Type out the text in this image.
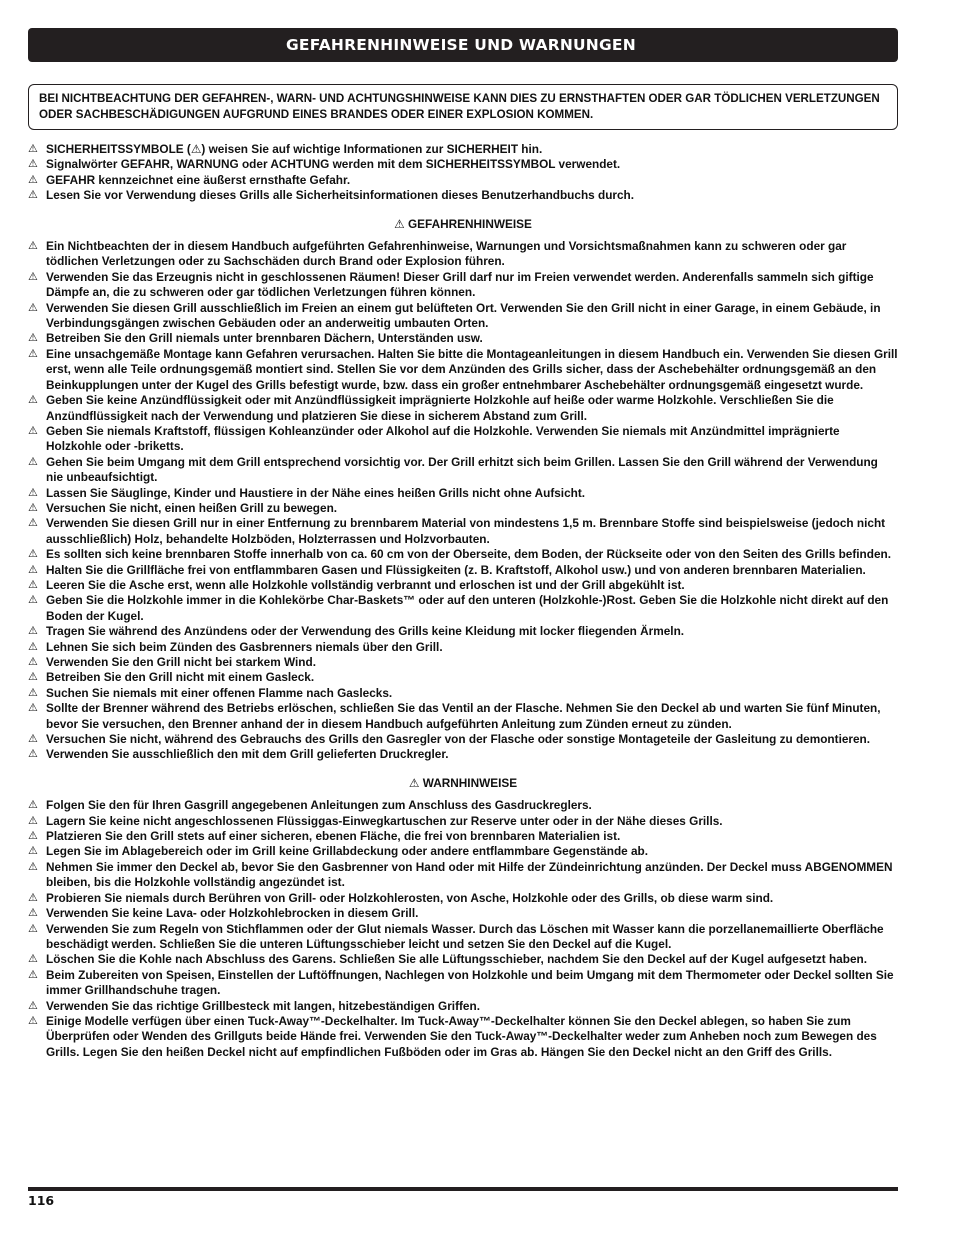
GEFAHRENHINWEISE UND WARNUNGEN
BEI NICHTBEACHTUNG DER GEFAHREN-, WARN- UND ACHTUNGSHINWEISE KANN DIES ZU ERNSTHAFTEN ODER GAR TÖDLICHEN VERLETZUNGEN ODER SACHBESCHÄDIGUNGEN AUFGRUND EINES BRANDES ODER EINER EXPLOSION KOMMEN.
⚠ SICHERHEITSSYMBOLE (⚠) weisen Sie auf wichtige Informationen zur SICHERHEIT hin.
⚠ Signalwörter GEFAHR, WARNUNG oder ACHTUNG werden mit dem SICHERHEITSSYMBOL verwendet.
⚠ GEFAHR kennzeichnet eine äußerst ernsthafte Gefahr.
⚠ Lesen Sie vor Verwendung dieses Grills alle Sicherheitsinformationen dieses Benutzerhandbuchs durch.
⚠ GEFAHRENHINWEISE
⚠ Ein Nichtbeachten der in diesem Handbuch aufgeführten Gefahrenhinweise, Warnungen und Vorsichtsmaßnahmen kann zu schweren oder gar tödlichen Verletzungen oder zu Sachschäden durch Brand oder Explosion führen.
⚠ Verwenden Sie das Erzeugnis nicht in geschlossenen Räumen! Dieser Grill darf nur im Freien verwendet werden. Anderenfalls sammeln sich giftige Dämpfe an, die zu schweren oder gar tödlichen Verletzungen führen können.
⚠ Verwenden Sie diesen Grill ausschließlich im Freien an einem gut belüfteten Ort. Verwenden Sie den Grill nicht in einer Garage, in einem Gebäude, in Verbindungsgängen zwischen Gebäuden oder an anderweitig umbauten Orten.
⚠ Betreiben Sie den Grill niemals unter brennbaren Dächern, Unterständen usw.
⚠ Eine unsachgemäße Montage kann Gefahren verursachen. Halten Sie bitte die Montageanleitungen in diesem Handbuch ein. Verwenden Sie diesen Grill erst, wenn alle Teile ordnungsgemäß montiert sind. Stellen Sie vor dem Anzünden des Grills sicher, dass der Aschebehälter ordnungsgemäß an den Beinkupplungen unter der Kugel des Grills befestigt wurde, bzw. dass ein großer entnehmbarer Aschebehälter ordnungsgemäß eingesetzt wurde.
⚠ Geben Sie keine Anzündflüssigkeit oder mit Anzündflüssigkeit imprägnierte Holzkohle auf heiße oder warme Holzkohle. Verschließen Sie die Anzündflüssigkeit nach der Verwendung und platzieren Sie diese in sicherem Abstand zum Grill.
⚠ Geben Sie niemals Kraftstoff, flüssigen Kohleanzünder oder Alkohol auf die Holzkohle. Verwenden Sie niemals mit Anzündmittel imprägnierte Holzkohle oder -briketts.
⚠ Gehen Sie beim Umgang mit dem Grill entsprechend vorsichtig vor. Der Grill erhitzt sich beim Grillen. Lassen Sie den Grill während der Verwendung nie unbeaufsichtigt.
⚠ Lassen Sie Säuglinge, Kinder und Haustiere in der Nähe eines heißen Grills nicht ohne Aufsicht.
⚠ Versuchen Sie nicht, einen heißen Grill zu bewegen.
⚠ Verwenden Sie diesen Grill nur in einer Entfernung zu brennbarem Material von mindestens 1,5 m. Brennbare Stoffe sind beispielsweise (jedoch nicht ausschließlich) Holz, behandelte Holzböden, Holzterrassen und Holzvorbauten.
⚠ Es sollten sich keine brennbaren Stoffe innerhalb von ca. 60 cm von der Oberseite, dem Boden, der Rückseite oder von den Seiten des Grills befinden.
⚠ Halten Sie die Grillfläche frei von entflammbaren Gasen und Flüssigkeiten (z. B. Kraftstoff, Alkohol usw.) und von anderen brennbaren Materialien.
⚠ Leeren Sie die Asche erst, wenn alle Holzkohle vollständig verbrannt und erloschen ist und der Grill abgekühlt ist.
⚠ Geben Sie die Holzkohle immer in die Kohlekörbe Char-Baskets™ oder auf den unteren (Holzkohle-)Rost. Geben Sie die Holzkohle nicht direkt auf den Boden der Kugel.
⚠ Tragen Sie während des Anzündens oder der Verwendung des Grills keine Kleidung mit locker fliegenden Ärmeln.
⚠ Lehnen Sie sich beim Zünden des Gasbrenners niemals über den Grill.
⚠ Verwenden Sie den Grill nicht bei starkem Wind.
⚠ Betreiben Sie den Grill nicht mit einem Gasleck.
⚠ Suchen Sie niemals mit einer offenen Flamme nach Gaslecks.
⚠ Sollte der Brenner während des Betriebs erlöschen, schließen Sie das Ventil an der Flasche. Nehmen Sie den Deckel ab und warten Sie fünf Minuten, bevor Sie versuchen, den Brenner anhand der in diesem Handbuch aufgeführten Anleitung zum Zünden erneut zu zünden.
⚠ Versuchen Sie nicht, während des Gebrauchs des Grills den Gasregler von der Flasche oder sonstige Montageteile der Gasleitung zu demontieren.
⚠ Verwenden Sie ausschließlich den mit dem Grill gelieferten Druckregler.
⚠ WARNHINWEISE
⚠ Folgen Sie den für Ihren Gasgrill angegebenen Anleitungen zum Anschluss des Gasdruckreglers.
⚠ Lagern Sie keine nicht angeschlossenen Flüssiggas-Einwegkartuschen zur Reserve unter oder in der Nähe dieses Grills.
⚠ Platzieren Sie den Grill stets auf einer sicheren, ebenen Fläche, die frei von brennbaren Materialien ist.
⚠ Legen Sie im Ablagebereich oder im Grill keine Grillabdeckung oder andere entflammbare Gegenstände ab.
⚠ Nehmen Sie immer den Deckel ab, bevor Sie den Gasbrenner von Hand oder mit Hilfe der Zündeinrichtung anzünden. Der Deckel muss ABGENOMMEN bleiben, bis die Holzkohle vollständig angezündet ist.
⚠ Probieren Sie niemals durch Berühren von Grill- oder Holzkohlerosten, von Asche, Holzkohle oder des Grills, ob diese warm sind.
⚠ Verwenden Sie keine Lava- oder Holzkohlebrocken in diesem Grill.
⚠ Verwenden Sie zum Regeln von Stichflammen oder der Glut niemals Wasser. Durch das Löschen mit Wasser kann die porzellanemaillierte Oberfläche beschädigt werden. Schließen Sie die unteren Lüftungsschieber leicht und setzen Sie den Deckel auf die Kugel.
⚠ Löschen Sie die Kohle nach Abschluss des Garens. Schließen Sie alle Lüftungsschieber, nachdem Sie den Deckel auf der Kugel aufgesetzt haben.
⚠ Beim Zubereiten von Speisen, Einstellen der Luftöffnungen, Nachlegen von Holzkohle und beim Umgang mit dem Thermometer oder Deckel sollten Sie immer Grillhandschuhe tragen.
⚠ Verwenden Sie das richtige Grillbesteck mit langen, hitzebeständigen Griffen.
⚠ Einige Modelle verfügen über einen Tuck-Away™-Deckelhalter. Im Tuck-Away™-Deckelhalter können Sie den Deckel ablegen, so haben Sie zum Überprüfen oder Wenden des Grillguts beide Hände frei. Verwenden Sie den Tuck-Away™-Deckelhalter weder zum Anheben noch zum Bewegen des Grills. Legen Sie den heißen Deckel nicht auf empfindlichen Fußböden oder im Gras ab. Hängen Sie den Deckel nicht an den Griff des Grills.
116
